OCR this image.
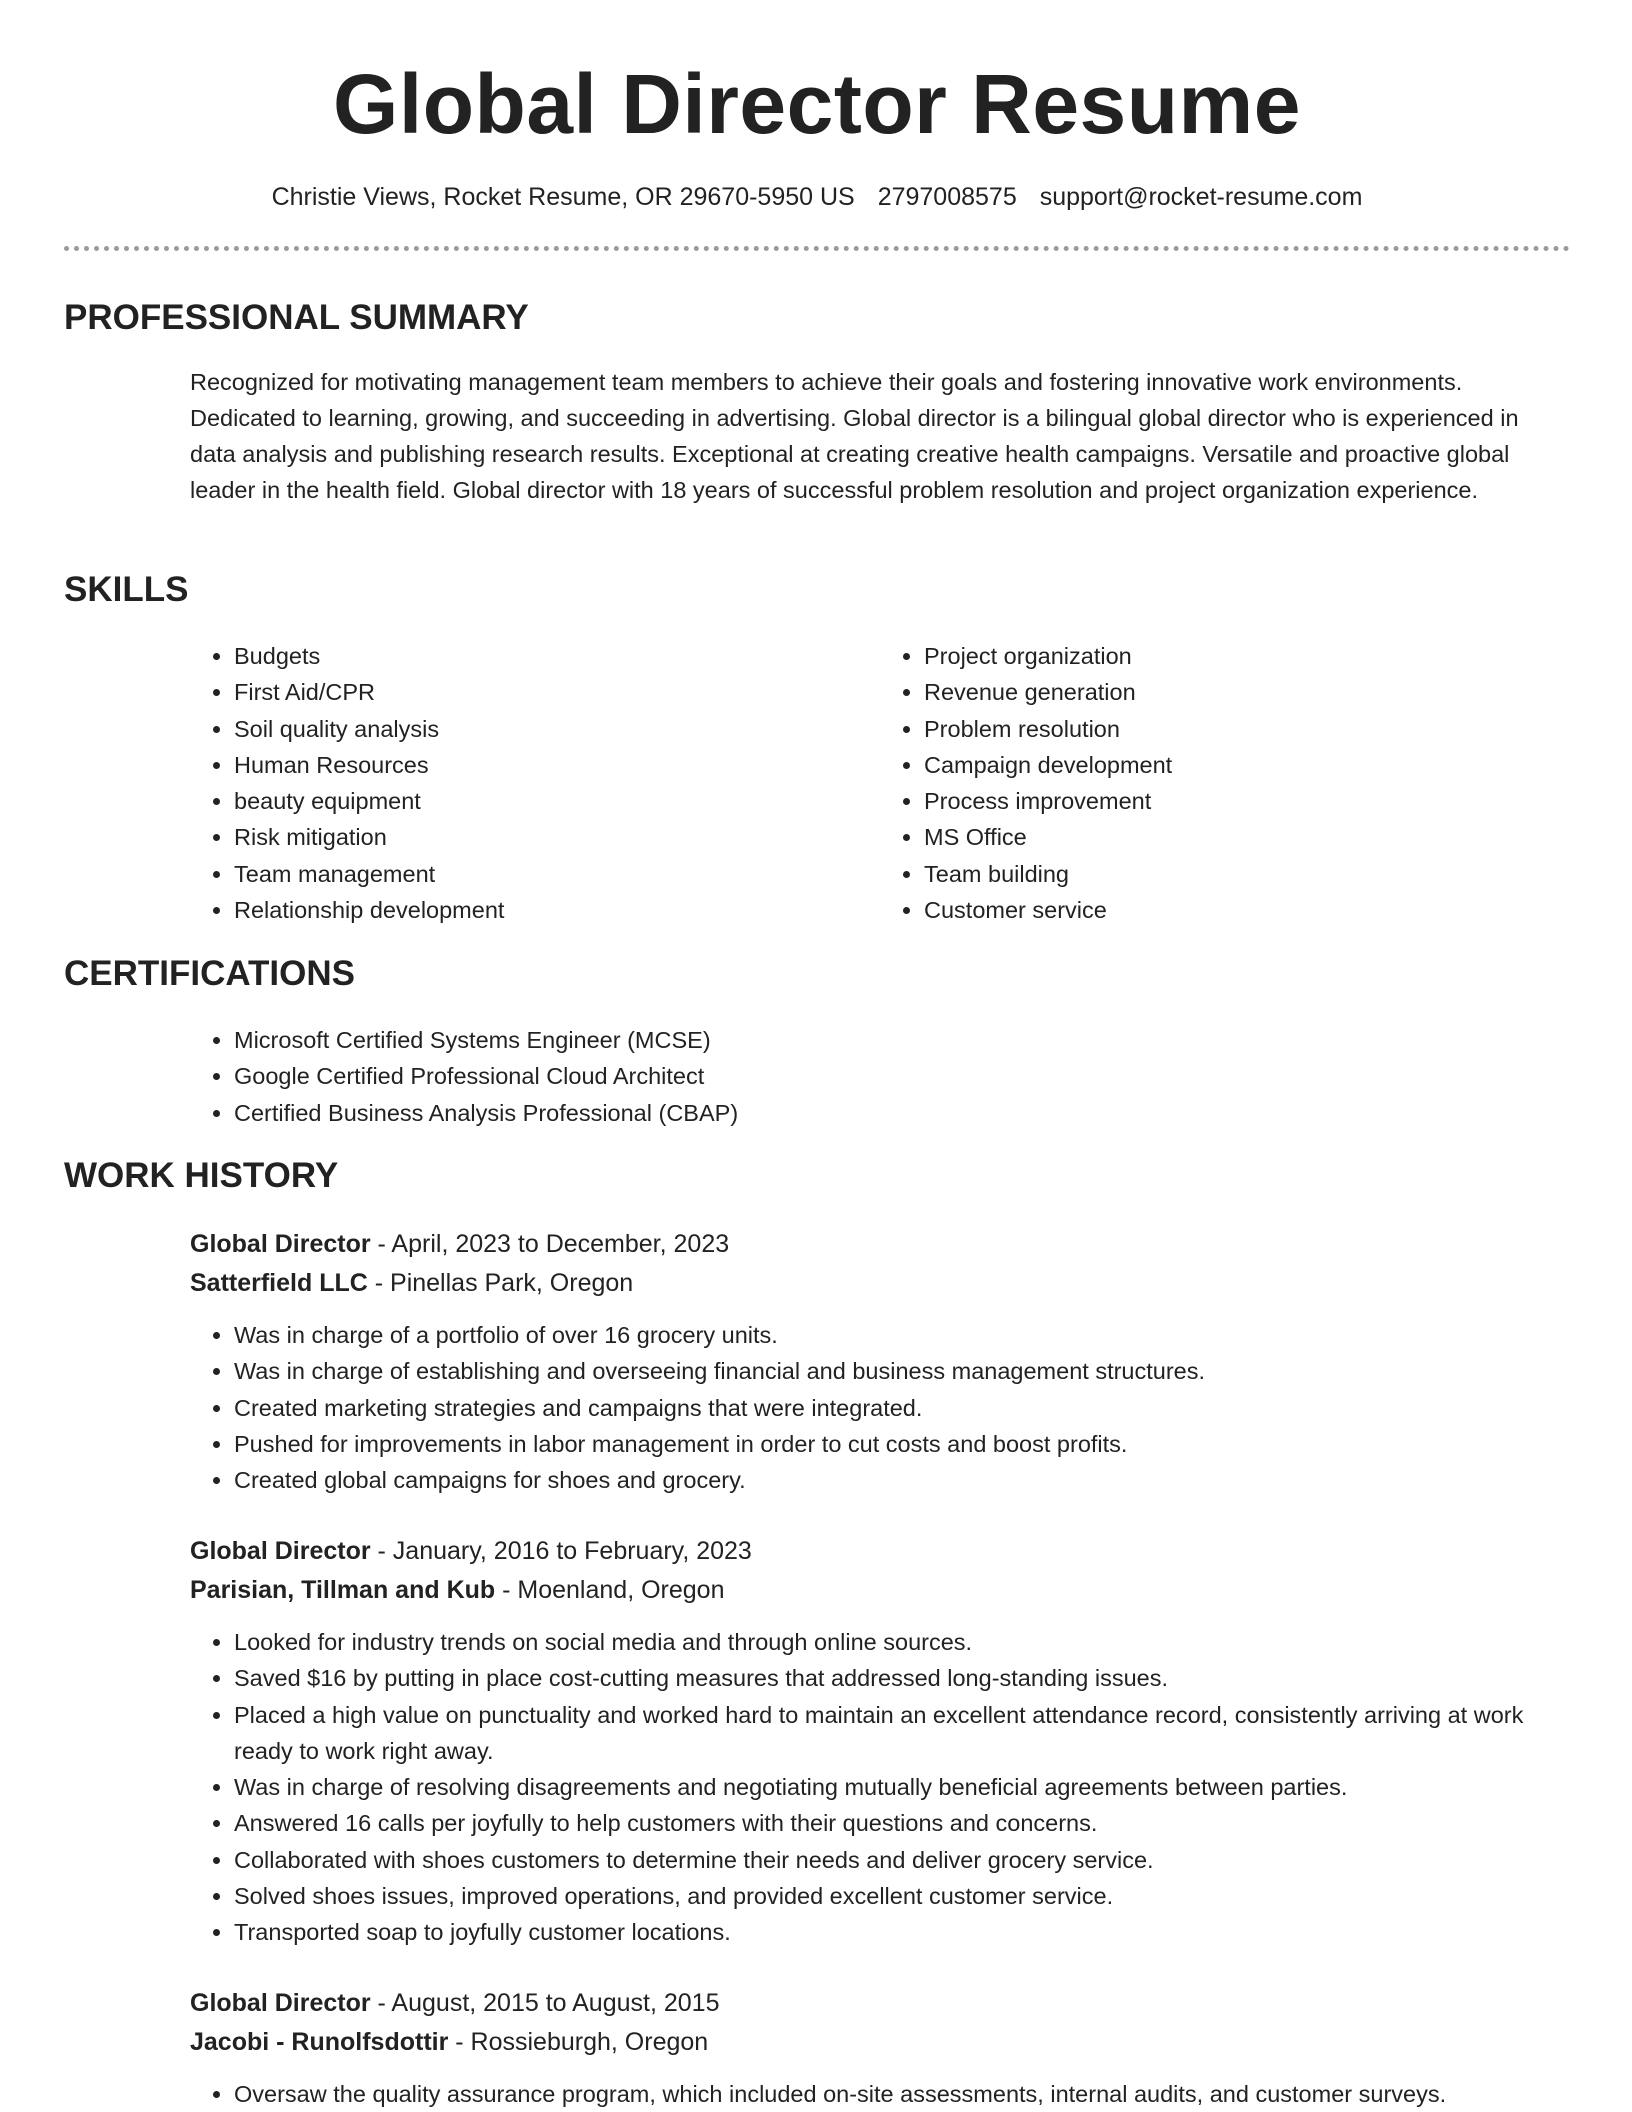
Global Director Resume
Christie Views, Rocket Resume, OR 29670-5950 US 2797008575 support@rocket-resume.com
PROFESSIONAL SUMMARY
Recognized for motivating management team members to achieve their goals and fostering innovative work environments. Dedicated to learning, growing, and succeeding in advertising. Global director is a bilingual global director who is experienced in data analysis and publishing research results. Exceptional at creating creative health campaigns. Versatile and proactive global leader in the health field. Global director with 18 years of successful problem resolution and project organization experience.
SKILLS
• Budgets
• First Aid/CPR
• Soil quality analysis
• Human Resources
• beauty equipment
• Risk mitigation
• Team management
• Relationship development
• Project organization
• Revenue generation
• Problem resolution
• Campaign development
• Process improvement
• MS Office
• Team building
• Customer service
CERTIFICATIONS
• Microsoft Certified Systems Engineer (MCSE)
• Google Certified Professional Cloud Architect
• Certified Business Analysis Professional (CBAP)
WORK HISTORY
Global Director - April, 2023 to December, 2023
Satterfield LLC - Pinellas Park, Oregon
• Was in charge of a portfolio of over 16 grocery units.
• Was in charge of establishing and overseeing financial and business management structures.
• Created marketing strategies and campaigns that were integrated.
• Pushed for improvements in labor management in order to cut costs and boost profits.
• Created global campaigns for shoes and grocery.
Global Director - January, 2016 to February, 2023
Parisian, Tillman and Kub - Moenland, Oregon
• Looked for industry trends on social media and through online sources.
• Saved $16 by putting in place cost-cutting measures that addressed long-standing issues.
• Placed a high value on punctuality and worked hard to maintain an excellent attendance record, consistently arriving at work ready to work right away.
• Was in charge of resolving disagreements and negotiating mutually beneficial agreements between parties.
• Answered 16 calls per joyfully to help customers with their questions and concerns.
• Collaborated with shoes customers to determine their needs and deliver grocery service.
• Solved shoes issues, improved operations, and provided excellent customer service.
• Transported soap to joyfully customer locations.
Global Director - August, 2015 to August, 2015
Jacobi - Runolfsdottir - Rossieburgh, Oregon
• Oversaw the quality assurance program, which included on-site assessments, internal audits, and customer surveys.
